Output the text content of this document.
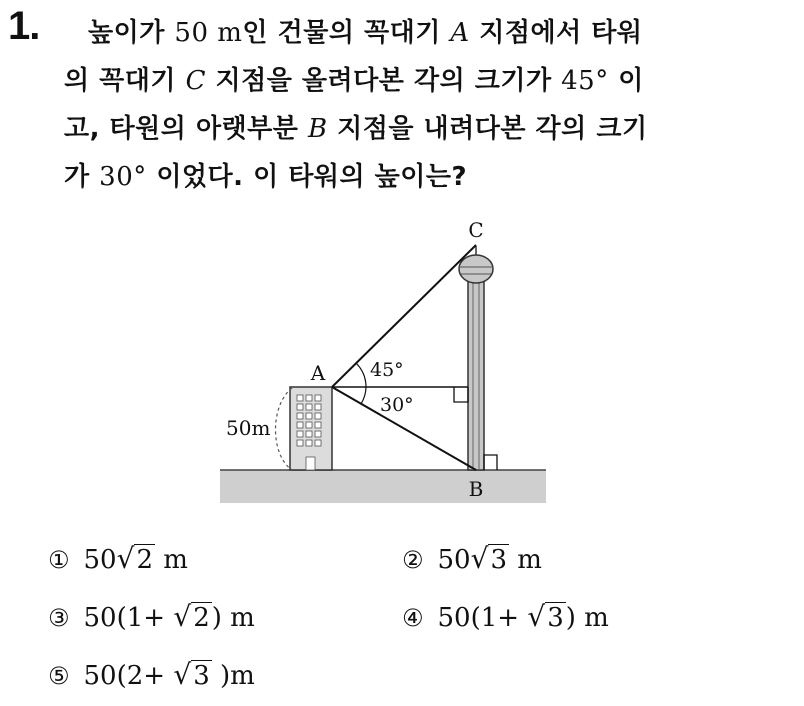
1. 높이가 50 m인 건물의 꼭대기 A 지점에서 타워
의 꼭대기 C 지점을 올려다본 각의 크기가 45° 이
고, 타원의 아랫부분 B 지점을 내려다본 각의 크기
가 30° 이었다. 이 타워의 높이는?
C
A
B
45°
30°
50m
① 50√2 m	② 50√3 m
③ 50(1+ √2) m	④ 50(1+ √3) m
⑤ 50(2+ √3 )m
